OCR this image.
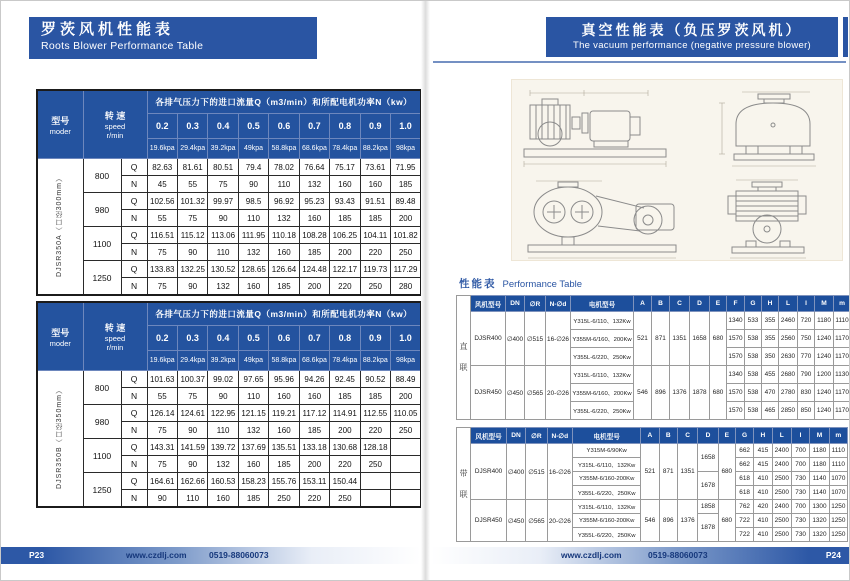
罗茨风机性能表
Roots Blower Performance Table
真空性能表（负压罗茨风机）
The vacuum performance (negative pressure blower)
型号
moder

转 速
speed
r/min
	各排气压力下的进口流量Q（m3/min）和所配电机功率N（kw）
			0.2	0.3	0.4	0.5	0.6	0.7	0.8	0.9	1.0
			19.6kpa	29.4kpa	39.2kpa	49kpa	58.8kpa	68.6kpa	78.4kpa	88.2kpa	98kpa
DJSR350A（口径300mm）	800	Q	82.63	81.61	80.51	79.4	78.02	76.64	75.17	73.61	71.95
		N	45	55	75	90	110	132	160	160	185
	980	Q	102.56	101.32	99.97	98.5	96.92	95.23	93.43	91.51	89.48
		N	55	75	90	110	132	160	185	185	200
	1100	Q	116.51	115.12	113.06	111.95	110.18	108.28	106.25	104.11	101.82
		N	75	90	110	132	160	185	200	220	250
	1250	Q	133.83	132.25	130.52	128.65	126.64	124.48	122.17	119.73	117.29
		N	75	90	132	160	185	200	220	250	280
型号
moder

转 速
speed
r/min
	各排气压力下的进口流量Q（m3/min）和所配电机功率N（kw）
			0.2	0.3	0.4	0.5	0.6	0.7	0.8	0.9	1.0
			19.6kpa	29.4kpa	39.2kpa	49kpa	58.8kpa	68.6kpa	78.4kpa	88.2kpa	98kpa
DJSR350B（口径350mm）	800	Q	101.63	100.37	99.02	97.65	95.96	94.26	92.45	90.52	88.49
		N	55	75	90	110	160	160	185	185	200
	980	Q	126.14	124.61	122.95	121.15	119.21	117.12	114.91	112.55	110.05
		N	75	90	110	132	160	185	200	220	250
	1100	Q	143.31	141.59	139.72	137.69	135.51	133.18	130.68	128.18	
		N	75	90	132	160	185	200	220	250	
	1250	Q	164.61	162.66	160.53	158.23	155.76	153.11	150.44		
		N	90	110	160	185	250	220	250		
性能表 Performance Table
直
联	风机型号	DN	∅R	N-∅d	电机型号	A	B	C	D	E	F	G	H	L	I	M	m
	DJSR400	∅400	∅515	16-∅26	Y315L-6/110、132Kw	521	871	1351	1658	680	1340	533	355	2460	720	1180	1110
					Y355M-6/160、200Kw						1570	538	355	2560	750	1240	1170
					Y355L-6/220、250Kw						1570	538	350	2630	770	1240	1170
	DJSR450	∅450	∅565	20-∅26	Y315L-6/110、132Kw	546	896	1376	1878	680	1340	538	455	2680	790	1200	1130
					Y355M-6/160、200Kw						1570	538	470	2780	830	1240	1170
					Y355L-6/220、250Kw						1570	538	465	2850	850	1240	1170
带
联	风机型号	DN	∅R	N-∅d	电机型号	A	B	C	D	E	G	H	L	I	M	m
	DJSR400	∅400	∅515	16-∅26	Y315M-6/90Kw	521	871	1351	1658	680	662	415	2400	700	1180	1110
					Y315L-6/110、132Kw						662	415	2400	700	1180	1110
					Y355M-6/160-200Kw				1678		618	410	2500	730	1140	1070
					Y355L-6/220、250Kw						618	410	2500	730	1140	1070
	DJSR450	∅450	∅565	20-∅26	Y315L-6/110、132Kw	546	896	1376	1858	680	762	420	2400	700	1300	1250
					Y355M-6/160-200Kw				1878		722	410	2500	730	1320	1250
					Y355L-6/220、250Kw						722	410	2500	730	1320	1250
P23	www.czdlj.com	0519-88060073	www.czdlj.com	0519-88060073	P24
